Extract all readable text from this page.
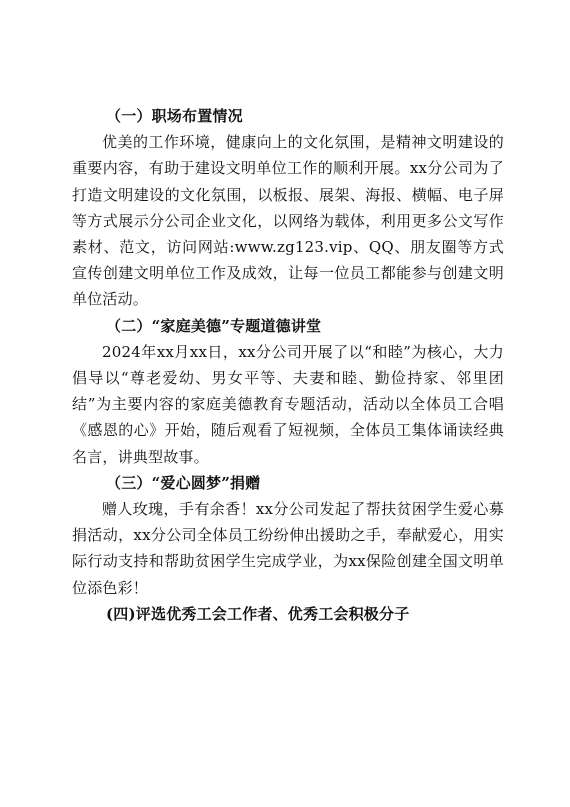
（一）职场布置情况

优美的工作环境，健康向上的文化氛围，是精神文明建设的重要内容，有助于建设文明单位工作的顺利开展。xx分公司为了打造文明建设的文化氛围，以板报、展架、海报、横幅、电子屏等方式展示分公司企业文化，以网络为载体，利用更多公文写作素材、范文，访问网站:www.zg123.vip、QQ、朋友圈等方式宣传创建文明单位工作及成效，让每一位员工都能参与创建文明单位活动。

（二）“家庭美德”专题道德讲堂

2024年xx月xx日，xx分公司开展了以“和睦”为核心，大力倡导以“尊老爱幼、男女平等、夫妻和睦、勤俭持家、邻里团结”为主要内容的家庭美德教育专题活动，活动以全体员工合唱《感恩的心》开始，随后观看了短视频，全体员工集体诵读经典名言，讲典型故事。

（三）“爱心圆梦”捐赠

赠人玫瑰，手有余香！xx分公司发起了帮扶贫困学生爱心募捐活动，xx分公司全体员工纷纷伸出援助之手，奉献爱心，用实际行动支持和帮助贫困学生完成学业，为xx保险创建全国文明单位添色彩！

(四)评选优秀工会工作者、优秀工会积极分子
